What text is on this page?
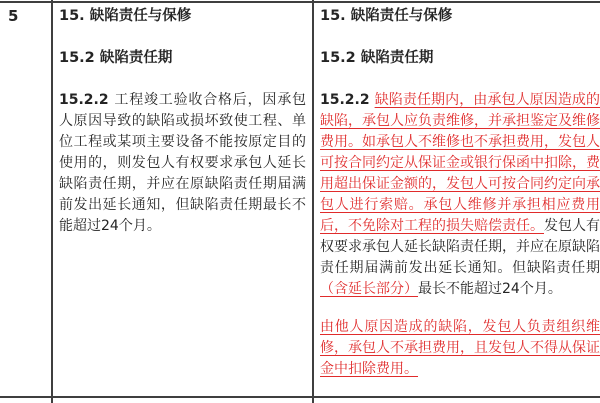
5	15. 缺陷责任与保修

15.2 缺陷责任期

15.2.2 工程竣工验收合格后，因承包人原因导致的缺陷或损坏致使工程、单位工程或某项主要设备不能按原定目的使用的，则发包人有权要求承包人延长缺陷责任期，并应在原缺陷责任期届满前发出延长通知，但缺陷责任期最长不能超过24个月。

15. 缺陷责任与保修

15.2 缺陷责任期

15.2.2 缺陷责任期内，由承包人原因造成的缺陷，承包人应负责维修，并承担鉴定及维修费用。如承包人不维修也不承担费用，发包人可按合同约定从保证金或银行保函中扣除，费用超出保证金额的，发包人可按合同约定向承包人进行索赔。承包人维修并承担相应费用后，不免除对工程的损失赔偿责任。发包人有权要求承包人延长缺陷责任期，并应在原缺陷责任期届满前发出延长通知。但缺陷责任期（含延长部分）最长不能超过24个月。

由他人原因造成的缺陷，发包人负责组织维修，承包人不承担费用，且发包人不得从保证金中扣除费用。
